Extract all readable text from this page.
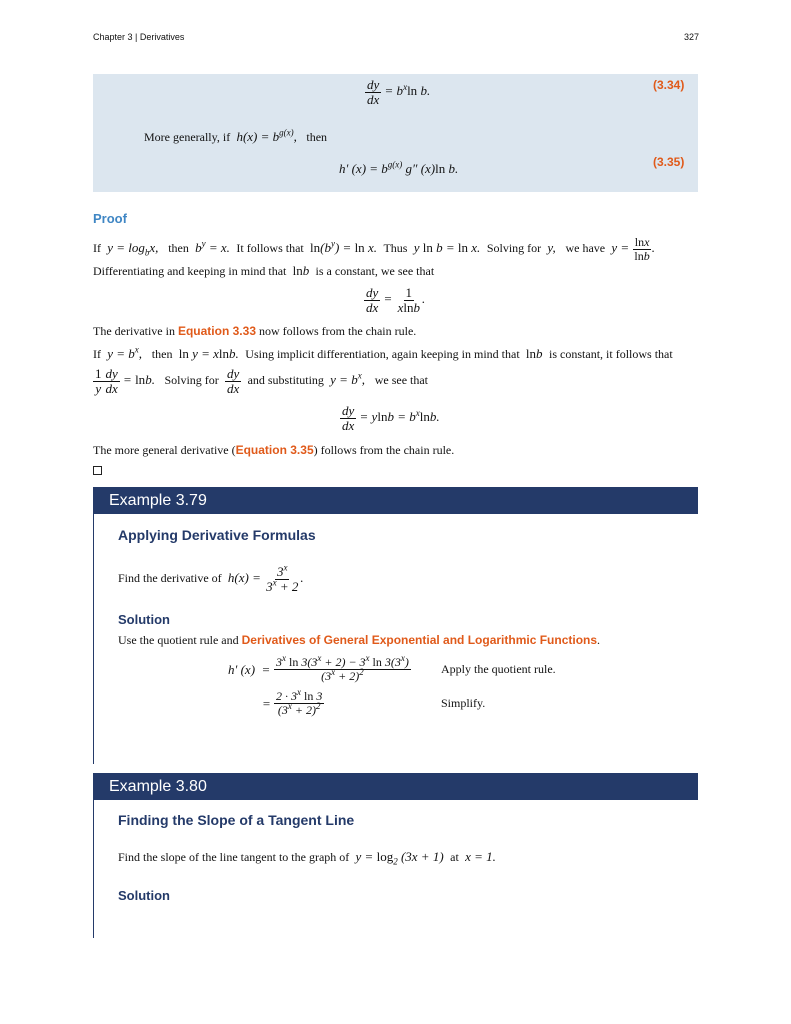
Chapter 3 | Derivatives	327
$\frac{dy}{dx} = b^x\ln$ b.	(3.34)
More generally, if  $h(x) = b^{g(x)}$,   then
h′ $(x) = b^{g(x)}$ g″ (x)ln b.	(3.35)
Proof
If  $y = \log_bx$,   then  $b^y = x$.  It follows that $\ln(b^y) = \ln x$.  Thus  y ln b = ln x.  Solving for  y,   we have  $y = \frac{\ln x}{\ln b}$ .
Differentiating and keeping in mind that lnb  is a constant, we see that
$\frac{dy}{dx} = \frac{1}{xlnb}$ .
The derivative in Equation 3.33 now follows from the chain rule.
If  $y = b^x$,   then ln y = xlnb.  Using implicit differentiation, again keeping in mind that lnb  is constant, it follows that
$\frac{1}{y} \frac{dy}{dx} = \ln b$.   Solving for $\frac{dy}{dx}$ and substituting  $y = b^x$,   we see that
$\frac{dy}{dx} = ylnb = b^x\ln b$.
The more general derivative (Equation 3.35) follows from the chain rule.
Example 3.79
Applying Derivative Formulas
Find the derivative of  $h(x) = \frac{3^x}{3^x + 2}$ .
Solution
Use the quotient rule and Derivatives of General Exponential and Logarithmic Functions.
h′ $(x) = \frac{3^x \ln 3(3^x + 2) - 3^x \ln 3(3^x)}{(3^x + 2)^2}$	Apply the quotient rule.
= $\frac{2 \cdot 3^x \ln 3}{(3^x + 2)^2}$	Simplify.
Example 3.80
Finding the Slope of a Tangent Line
Find the slope of the line tangent to the graph of  $y = \log_2 (3x + 1)$  at  x = 1.
Solution
